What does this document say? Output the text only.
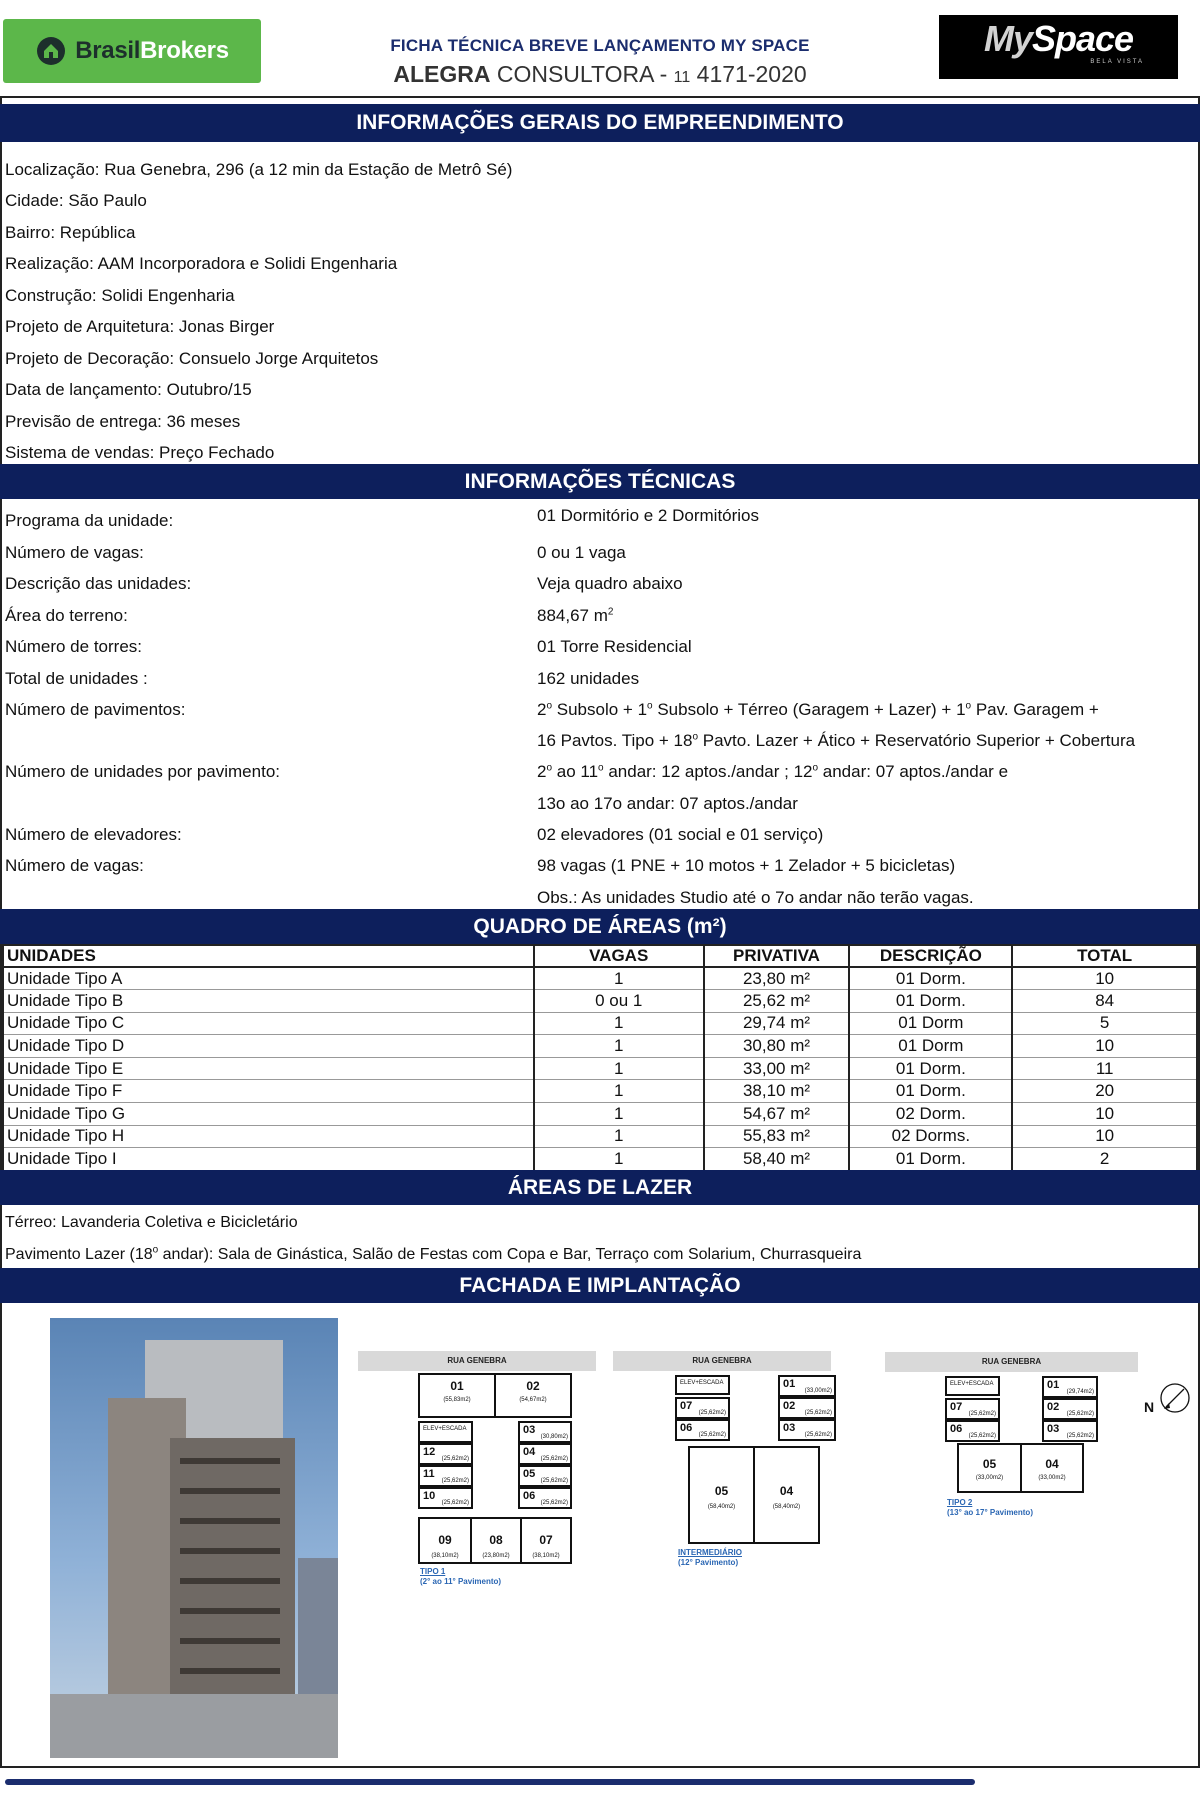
BrasilBrokers	FICHA TÉCNICA BREVE LANÇAMENTO MY SPACE
ALEGRA CONSULTORA - 11 4171-2020
MySpace
BELA VISTA
INFORMAÇÕES GERAIS DO EMPREENDIMENTO
Localização: Rua Genebra, 296 (a 12 min da Estação de Metrô Sé)
Cidade: São Paulo
Bairro: República
Realização: AAM Incorporadora e Solidi Engenharia
Construção: Solidi Engenharia
Projeto de Arquitetura: Jonas Birger
Projeto de Decoração: Consuelo Jorge Arquitetos
Data de lançamento: Outubro/15
Previsão de entrega: 36 meses
Sistema de vendas: Preço Fechado
INFORMAÇÕES TÉCNICAS
Programa da unidade:	01 Dormitório e 2 Dormitórios
Número de vagas:	0 ou 1 vaga
Descrição das unidades:	Veja quadro abaixo
Área do terreno:	884,67 $m^2$
Número de torres:	01 Torre Residencial
Total de unidades :	162 unidades
Número de pavimentos:	2$^o$ Subsolo + $1^o$ Subsolo + Térreo (Garagem + Lazer) + $1^o$ Pav. Garagem +
16 Pavtos. Tipo + $18^o$ Pavto. Lazer + Ático + Reservatório Superior + Cobertura
Número de unidades por pavimento:	2$^o$ ao 11$^o$ andar: 12 aptos./andar ; 12$^o$ andar: 07 aptos./andar e
13o ao 17o andar: 07 aptos./andar
Número de elevadores:	02 elevadores (01 social e 01 serviço)
Número de vagas:	98 vagas (1 PNE + 10 motos + 1 Zelador + 5 bicicletas)
Obs.: As unidades Studio até o 7o andar não terão vagas.
QUADRO DE ÁREAS (m²)
UNIDADES	VAGAS	PRIVATIVA	DESCRIÇÃO	TOTAL
Unidade Tipo A	1	23,80 m²	01 Dorm.	10
Unidade Tipo B	0 ou 1	25,62 m²	01 Dorm.	84
Unidade Tipo C	1	29,74 m²	01 Dorm	5
Unidade Tipo D	1	30,80 m²	01 Dorm	10
Unidade Tipo E	1	33,00 m²	01 Dorm.	11
Unidade Tipo F	1	38,10 m²	01 Dorm.	20
Unidade Tipo G	1	54,67 m²	02 Dorm.	10
Unidade Tipo H	1	55,83 m²	02 Dorms.	10
Unidade Tipo I	1	58,40 m²	01 Dorm.	2
ÁREAS DE LAZER
Térreo: Lavanderia Coletiva e Bicicletário
Pavimento Lazer (18$^o$ andar): Sala de Ginástica, Salão de Festas com Copa e Bar, Terraço com Solarium, Churrasqueira
FACHADA E IMPLANTAÇÃO
RUA GENEBRA
01
(55,83m2)
02
(54,67m2)
ELEV+ESCADA
12
(25,62m2)
11
(25,62m2)
10
(25,62m2)
03
(30,80m2)
04
(25,62m2)
05
(25,62m2)
06
(25,62m2)
09
(38,10m2)
08
(23,80m2)
07
(38,10m2)
TIPO 1
(2° ao 11° Pavimento)
RUA GENEBRA
ELEV+ESCADA
07
(25,62m2)
06
(25,62m2)
01
(33,00m2)
02
(25,62m2)
03
(25,62m2)
05
(58,40m2)
04
(58,40m2)
INTERMEDIÁRIO
(12° Pavimento)
RUA GENEBRA
ELEV+ESCADA
07
(25,62m2)
06
(25,62m2)
01
(29,74m2)
02
(25,62m2)
03
(25,62m2)
05
(33,00m2)
04
(33,00m2)
TIPO 2
(13° ao 17° Pavimento)
N
